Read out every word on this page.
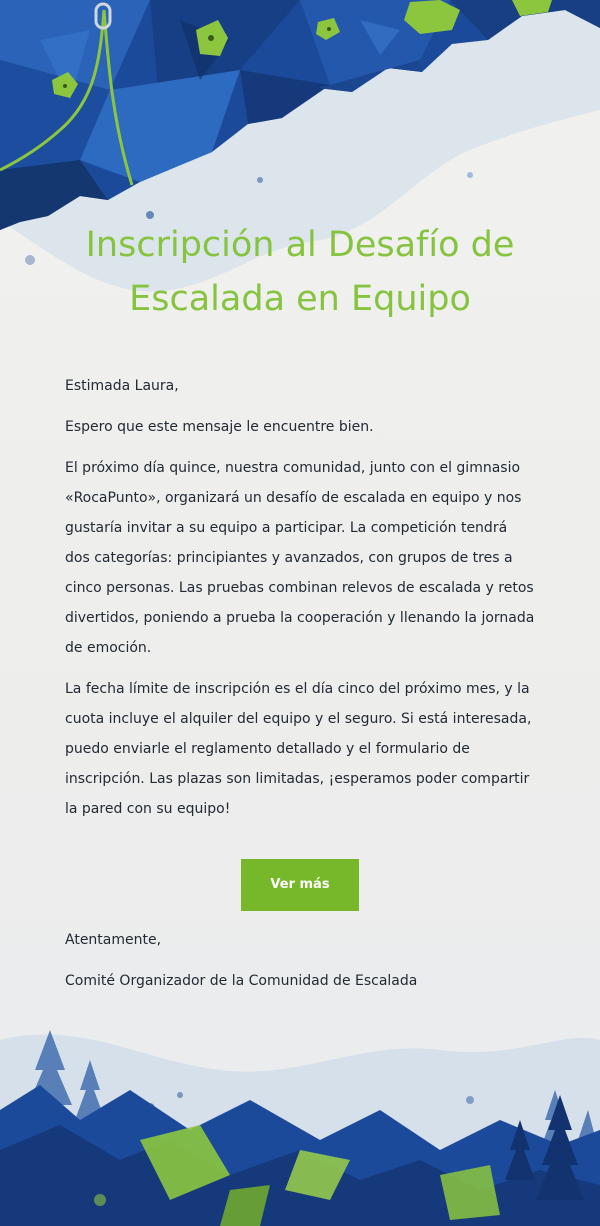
Inscripción al Desafío de Escalada en Equipo

Estimada Laura,

Espero que este mensaje le encuentre bien.

El próximo día quince, nuestra comunidad, junto con el gimnasio «RocaPunto», organizará un desafío de escalada en equipo y nos gustaría invitar a su equipo a participar. La competición tendrá dos categorías: principiantes y avanzados, con grupos de tres a cinco personas. Las pruebas combinan relevos de escalada y retos divertidos, poniendo a prueba la cooperación y llenando la jornada de emoción.

La fecha límite de inscripción es el día cinco del próximo mes, y la cuota incluye el alquiler del equipo y el seguro. Si está interesada, puedo enviarle el reglamento detallado y el formulario de inscripción. Las plazas son limitadas, ¡esperamos poder compartir la pared con su equipo!

Ver más

Atentamente,

Comité Organizador de la Comunidad de Escalada
